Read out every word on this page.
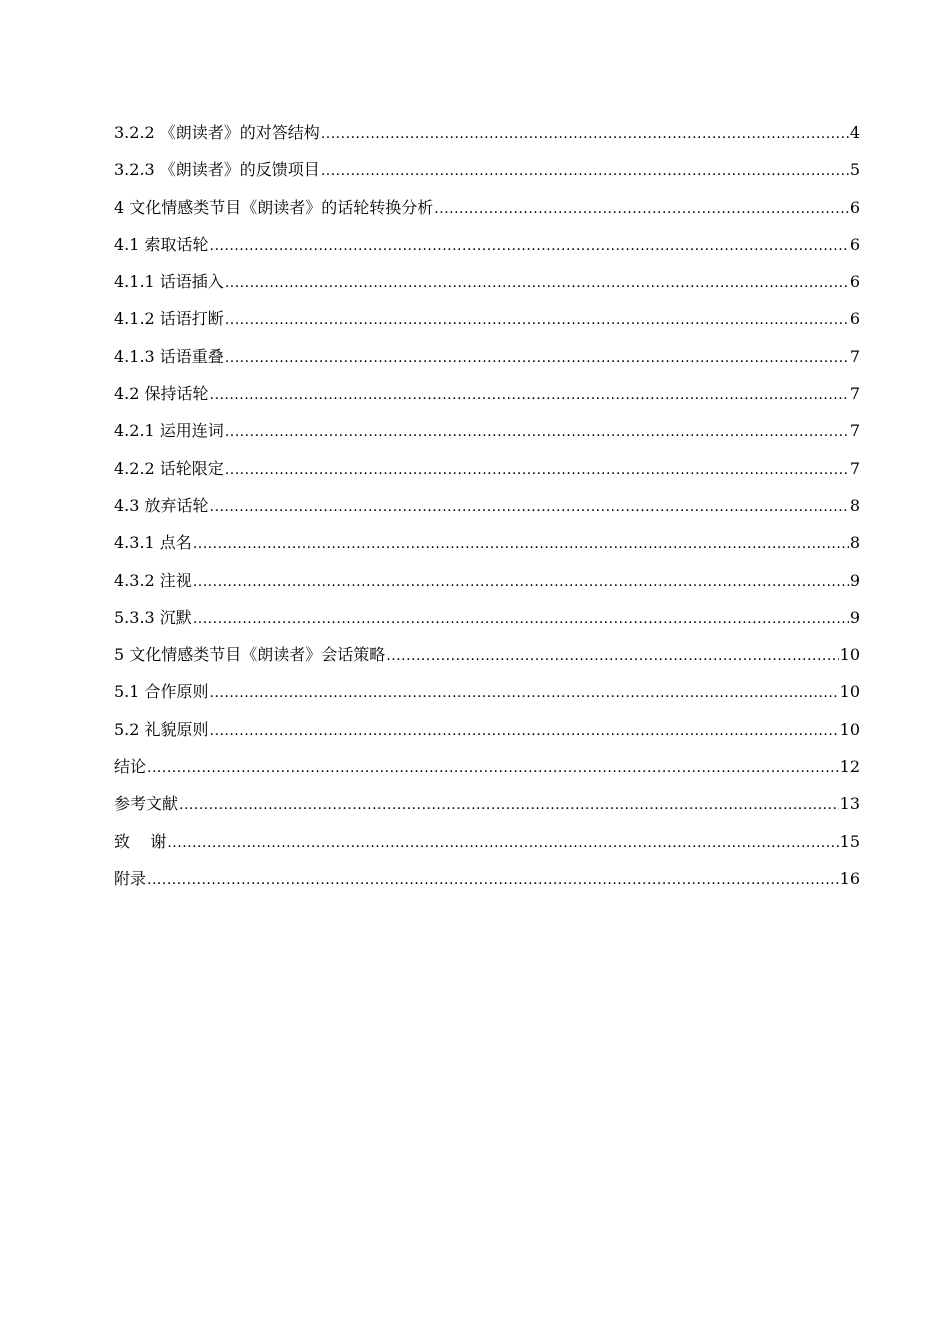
3.2.2 《朗读者》的对答结构 .....	4
3.2.3 《朗读者》的反馈项目 .....	5
4 文化情感类节目《朗读者》的话轮转换分析 .....	6
4.1 索取话轮 .....	6
4.1.1 话语插入 .....	6
4.1.2 话语打断 .....	6
4.1.3 话语重叠 .....	7
4.2 保持话轮 .....	7
4.2.1 运用连词 .....	7
4.2.2 话轮限定 .....	7
4.3 放弃话轮 .....	8
4.3.1 点名 .....	8
4.3.2 注视 .....	9
5.3.3 沉默 .....	9
5 文化情感类节目《朗读者》会话策略 .....	10
5.1 合作原则 .....	10
5.2 礼貌原则 .....	10
结论 .....	12
参考文献 .....	13
致    谢 .....	15
附录 .....	16
